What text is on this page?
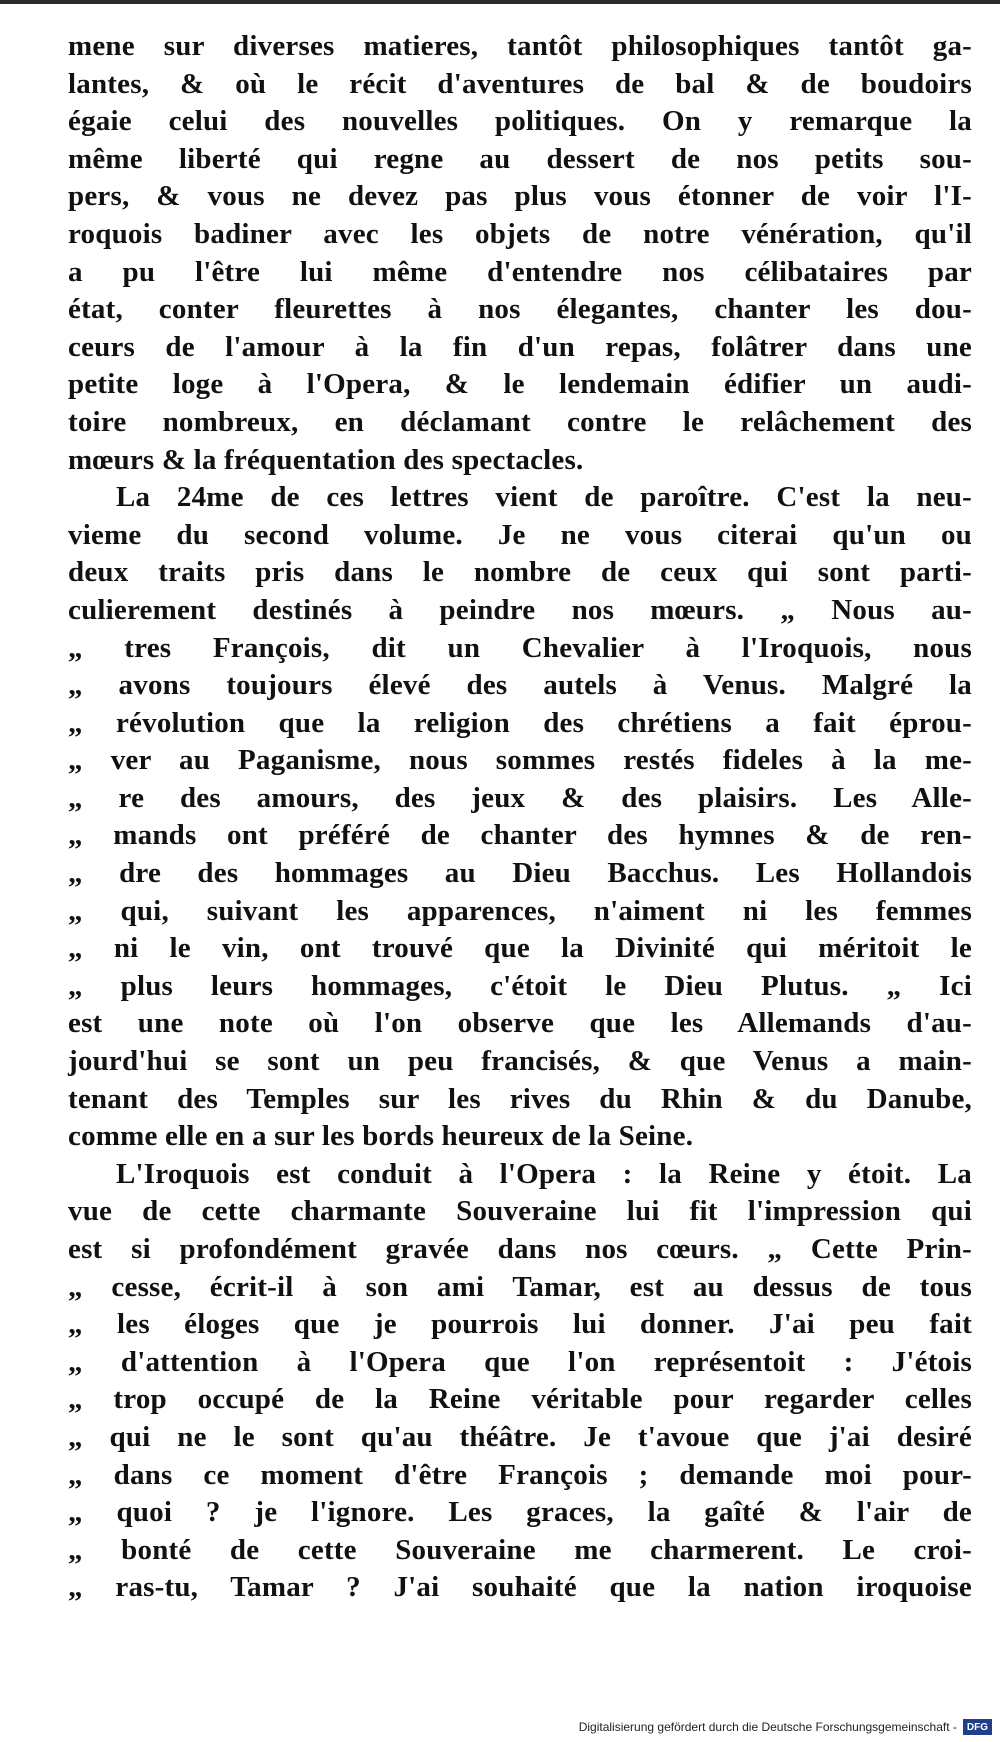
mene sur diverses matieres, tantôt philosophiques tantôt ga-
lantes, & où le récit d'aventures de bal & de boudoirs
égaie celui des nouvelles politiques. On y remarque la
même liberté qui regne au dessert de nos petits sou-
pers, & vous ne devez pas plus vous étonner de voir l'I-
roquois badiner avec les objets de notre vénération, qu'il
a pu l'être lui même d'entendre nos célibataires par
état, conter fleurettes à nos élegantes, chanter les dou-
ceurs de l'amour à la fin d'un repas, folâtrer dans une
petite loge à l'Opera, & le lendemain édifier un audi-
toire nombreux, en déclamant contre le relâchement des
mœurs & la fréquentation des spectacles.
La 24me de ces lettres vient de paroître. C'est la neu-
vieme du second volume. Je ne vous citerai qu'un ou
deux traits pris dans le nombre de ceux qui sont parti-
culierement destinés à peindre nos mœurs. „ Nous au-
„ tres François, dit un Chevalier à l'Iroquois, nous
„ avons toujours élevé des autels à Venus. Malgré la
„ révolution que la religion des chrétiens a fait éprou-
„ ver au Paganisme, nous sommes restés fideles à la me-
„ re des amours, des jeux & des plaisirs. Les Alle-
„ mands ont préféré de chanter des hymnes & de ren-
„ dre des hommages au Dieu Bacchus. Les Hollandois
„ qui, suivant les apparences, n'aiment ni les femmes
„ ni le vin, ont trouvé que la Divinité qui méritoit le
„ plus leurs hommages, c'étoit le Dieu Plutus. „ Ici
est une note où l'on observe que les Allemands d'au-
jourd'hui se sont un peu francisés, & que Venus a main-
tenant des Temples sur les rives du Rhin & du Danube,
comme elle en a sur les bords heureux de la Seine.
L'Iroquois est conduit à l'Opera : la Reine y étoit. La
vue de cette charmante Souveraine lui fit l'impression qui
est si profondément gravée dans nos cœurs. „ Cette Prin-
„ cesse, écrit-il à son ami Tamar, est au dessus de tous
„ les éloges que je pourrois lui donner. J'ai peu fait
„ d'attention à l'Opera que l'on représentoit : J'étois
„ trop occupé de la Reine véritable pour regarder celles
„ qui ne le sont qu'au théâtre. Je t'avoue que j'ai desiré
„ dans ce moment d'être François ; demande moi pour-
„ quoi ? je l'ignore. Les graces, la gaîté & l'air de
„ bonté de cette Souveraine me charmerent. Le croi-
„ ras-tu, Tamar ? J'ai souhaité que la nation iroquoise
Digitalisierung gefördert durch die Deutsche Forschungsgemeinschaft -	DFG
